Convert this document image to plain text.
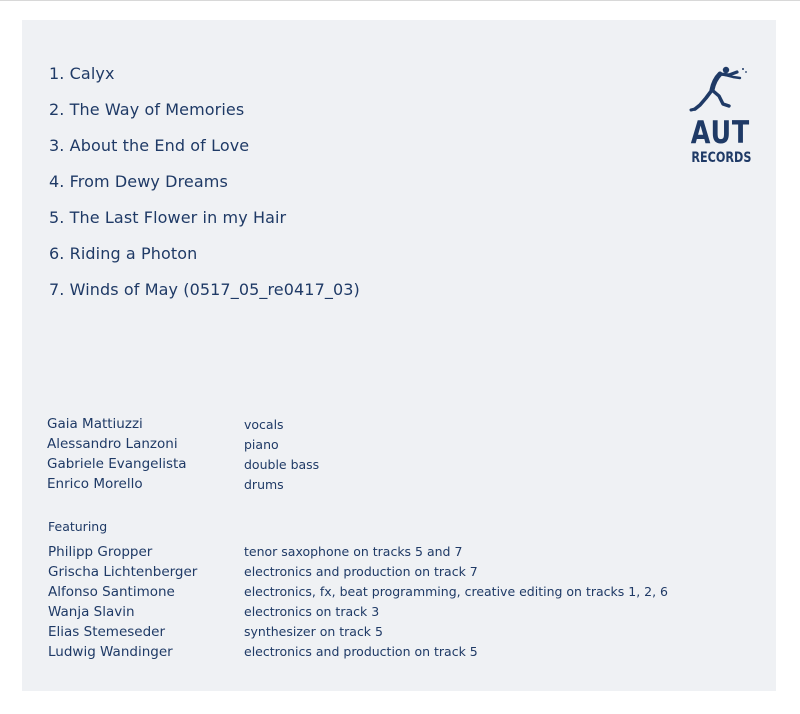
1. Calyx
2. The Way of Memories
3. About the End of Love
4. From Dewy Dreams
5. The Last Flower in my Hair
6. Riding a Photon
7. Winds of May (0517_05_re0417_03)
AUT
RECORDS
Gaia Mattiuzzi	vocals
Alessandro Lanzoni	piano
Gabriele Evangelista	double bass
Enrico Morello	drums
Featuring
Philipp Gropper	tenor saxophone on tracks 5 and 7
Grischa Lichtenberger	electronics and production on track 7
Alfonso Santimone	electronics, fx, beat programming, creative editing on tracks 1, 2, 6
Wanja Slavin	electronics on track 3
Elias Stemeseder	synthesizer on track 5
Ludwig Wandinger	electronics and production on track 5
